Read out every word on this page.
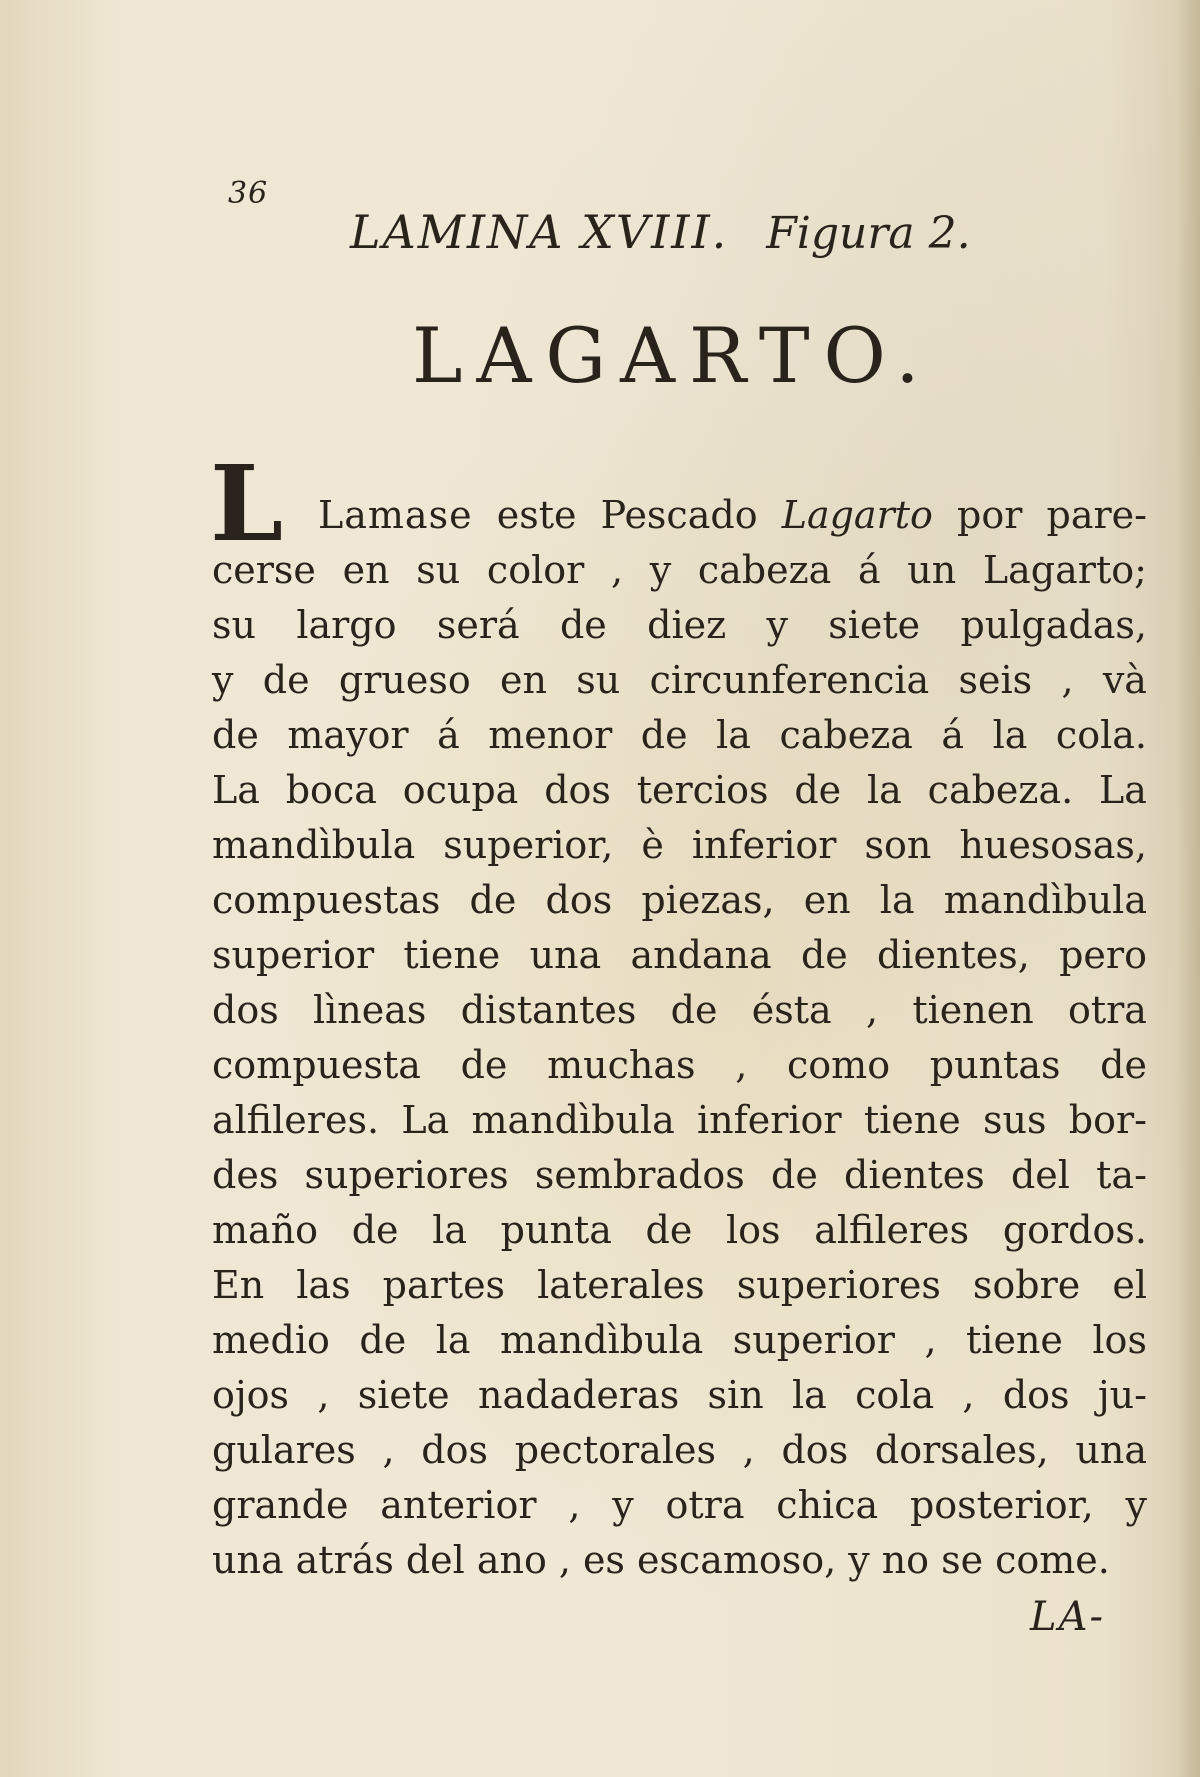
36
LAMINA XVIII. Figura 2.
LAGARTO.
L Lamase este Pescado Lagarto por pare-
cerse en su color , y cabeza á un Lagarto;
su largo será de diez y siete pulgadas,
y de grueso en su circunferencia seis , và
de mayor á menor de la cabeza á la cola.
La boca ocupa dos tercios de la cabeza. La
mandìbula superior, è inferior son huesosas,
compuestas de dos piezas, en la mandìbula
superior tiene una andana de dientes, pero
dos lìneas distantes de ésta , tienen otra
compuesta de muchas , como puntas de
alfileres. La mandìbula inferior tiene sus bor-
des superiores sembrados de dientes del ta-
maño de la punta de los alfileres gordos.
En las partes laterales superiores sobre el
medio de la mandìbula superior , tiene los
ojos , siete nadaderas sin la cola , dos ju-
gulares , dos pectorales , dos dorsales, una
grande anterior , y otra chica posterior, y
una atrás del ano , es escamoso, y no se come.
LA-
